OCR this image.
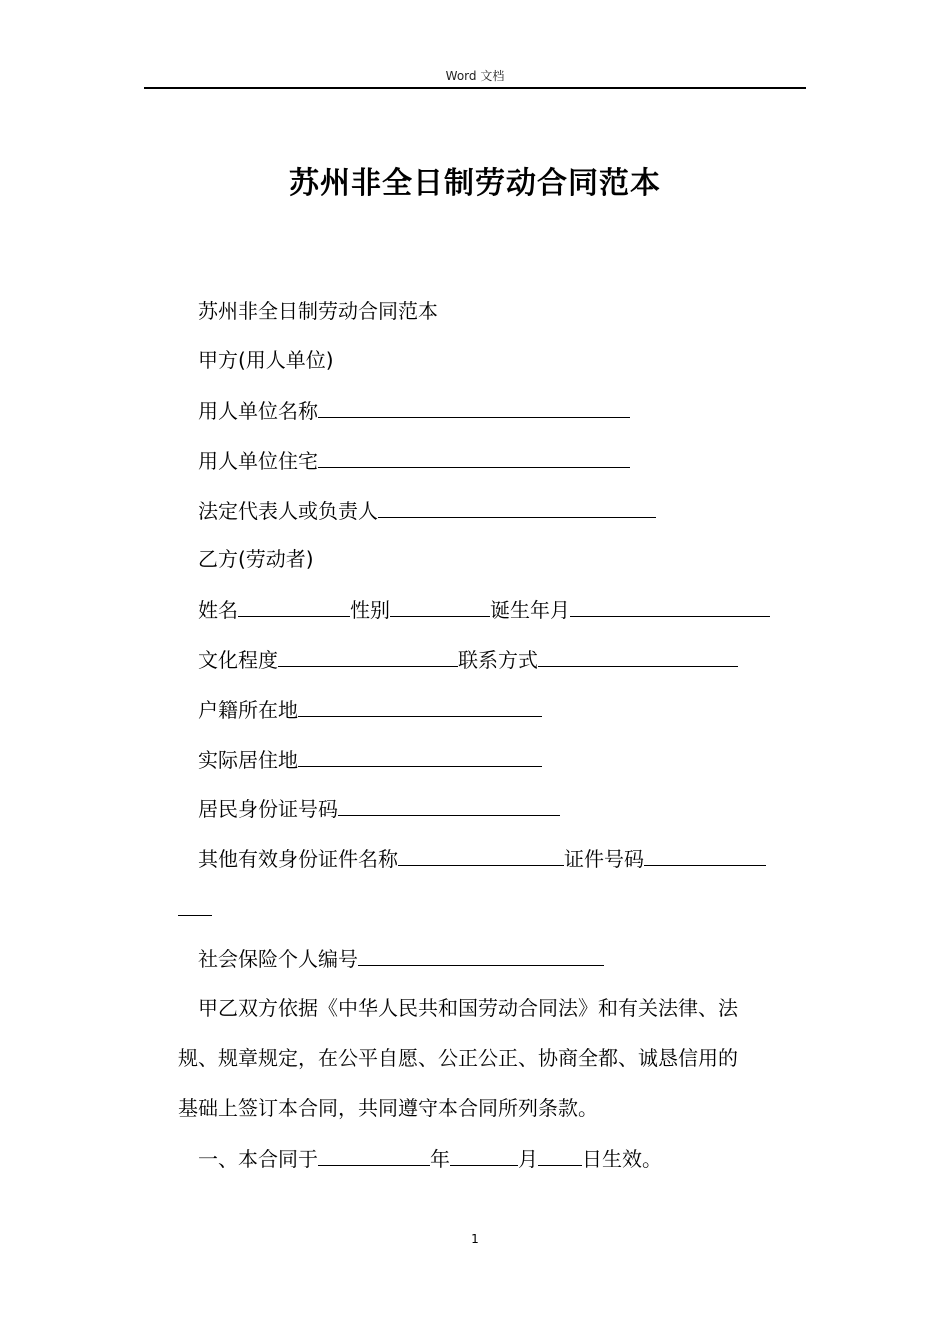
Word 文档
苏州非全日制劳动合同范本
苏州非全日制劳动合同范本
甲方(用人单位)
用人单位名称
用人单位住宅
法定代表人或负责人
乙方(劳动者)
姓名	性别	诞生年月
文化程度	联系方式
户籍所在地
实际居住地
居民身份证号码
其他有效身份证件名称	证件号码
社会保险个人编号
甲乙双方依据《中华人民共和国劳动合同法》和有关法律、法
规、规章规定，在公平自愿、公正公正、协商全都、诚恳信用的
基础上签订本合同，共同遵守本合同所列条款。
一、本合同于	年	月 日生效。
1
